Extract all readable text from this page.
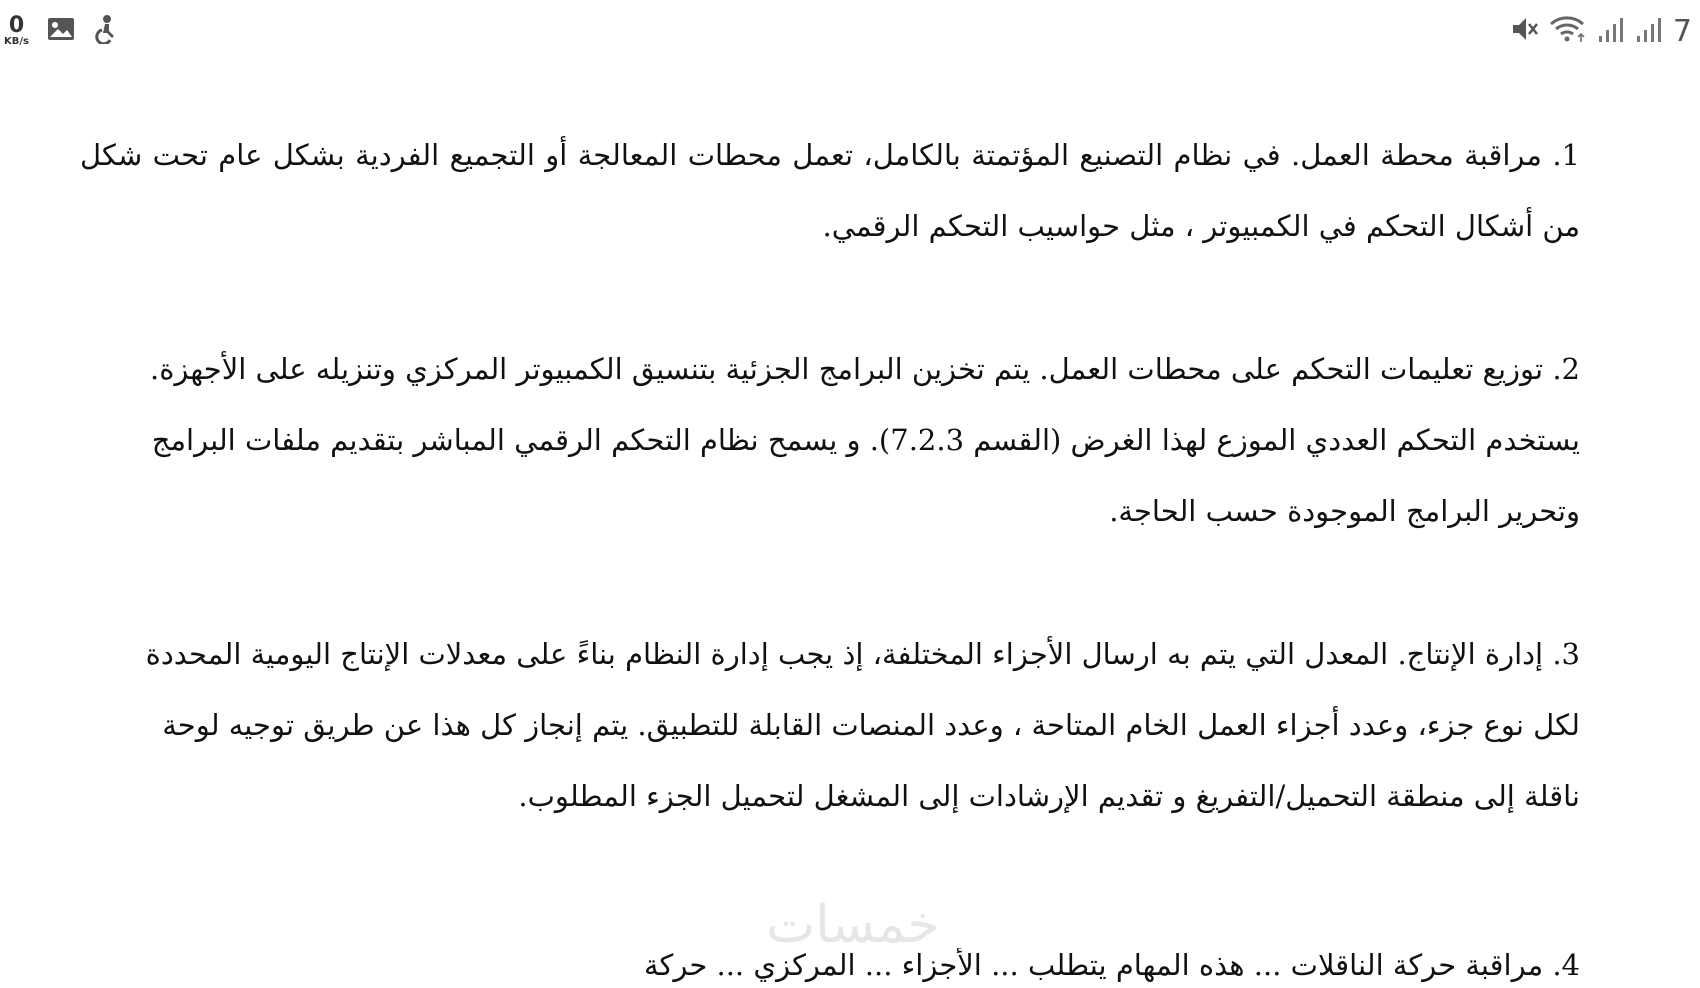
0
KB/s	7
1. مراقبة محطة العمل. في نظام التصنيع المؤتمتة بالكامل، تعمل محطات المعالجة أو التجميع الفردية بشكل عام تحت شكل
من أشكال التحكم في الكمبيوتر ، مثل حواسيب التحكم الرقمي.
2. توزيع تعليمات التحكم على محطات العمل. يتم تخزين البرامج الجزئية بتنسيق الكمبيوتر المركزي وتنزيله على الأجهزة.
يستخدم التحكم العددي الموزع لهذا الغرض (القسم 7.2.3). و يسمح نظام التحكم الرقمي المباشر بتقديم ملفات البرامج
وتحرير البرامج الموجودة حسب الحاجة.
3. إدارة الإنتاج. المعدل التي يتم به ارسال الأجزاء المختلفة، إذ يجب إدارة النظام بناءً على معدلات الإنتاج اليومية المحددة
لكل نوع جزء، وعدد أجزاء العمل الخام المتاحة ، وعدد المنصات القابلة للتطبيق. يتم إنجاز كل هذا عن طريق توجيه لوحة
ناقلة إلى منطقة التحميل/التفريغ و تقديم الإرشادات إلى المشغل لتحميل الجزء المطلوب.
خمسات
4. مراقبة حركة الناقلات ... هذه المهام يتطلب ... الأجزاء ... المركزي ... حركة
